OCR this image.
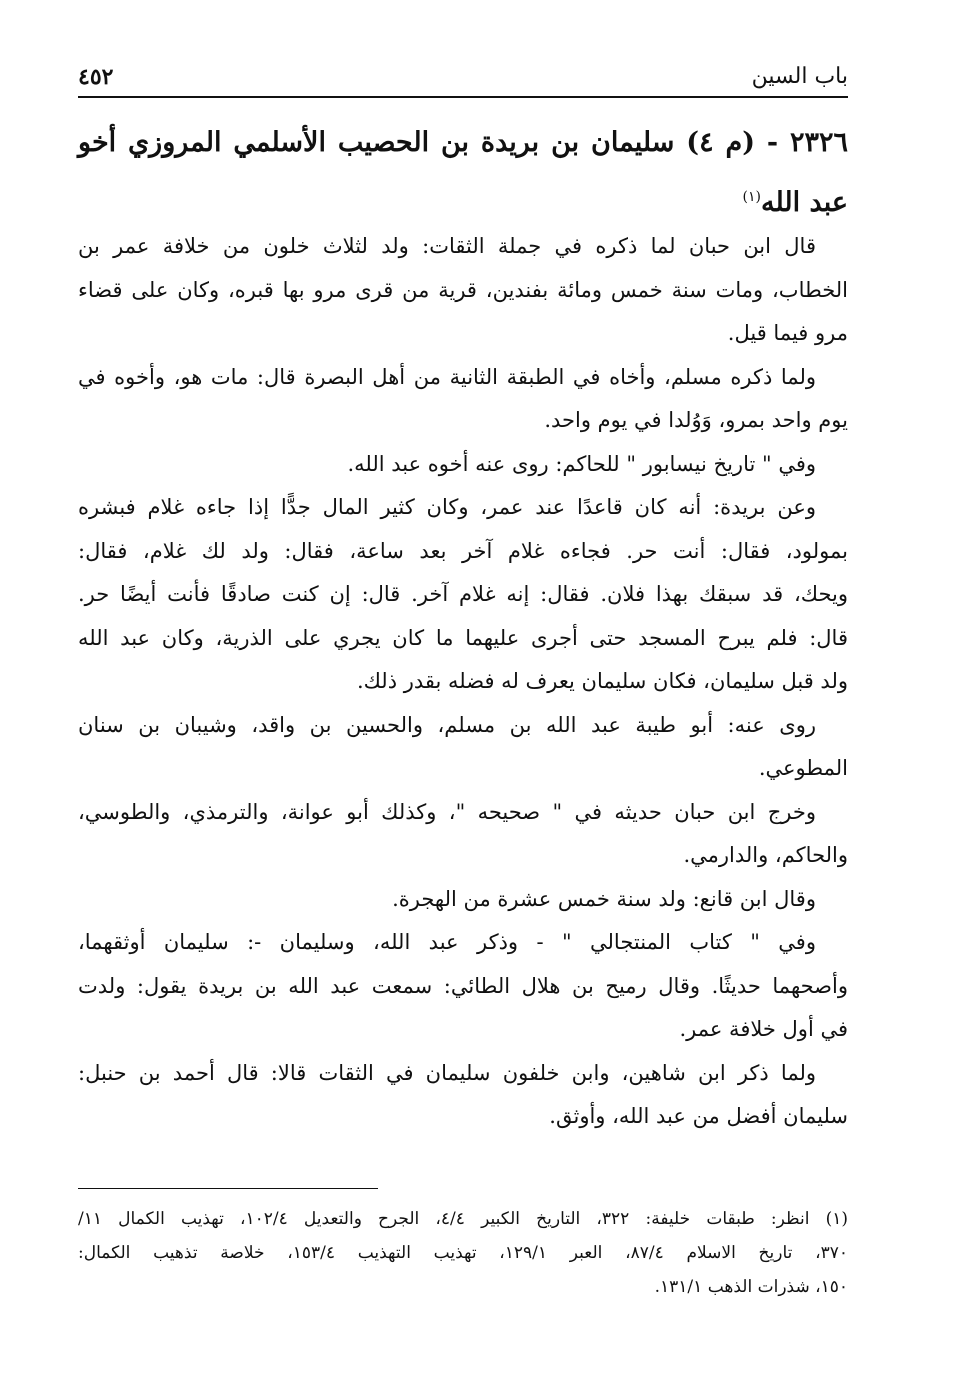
باب السين
٤٥٢
٢٣٢٦ - (م ٤) سليمان بن بريدة بن الحصيب الأسلمي المروزي أخو
عبد الله$^{(١)}$
قال ابن حبان لما ذكره في جملة الثقات: ولد لثلاث خلون من خلافة عمر بن
الخطاب، ومات سنة خمس ومائة بفندين، قرية من قرى مرو بها قبره، وكان على قضاء
مرو فيما قيل.
ولما ذكره مسلم، وأخاه في الطبقة الثانية من أهل البصرة قال: مات هو، وأخوه في
يوم واحد بمرو، وَوُلدا في يوم واحد.
وفي " تاريخ نيسابور " للحاكم: روى عنه أخوه عبد الله.
وعن بريدة: أنه كان قاعدًا عند عمر، وكان كثير المال جدًّا إذا جاءه غلام فبشره
بمولود، فقال: أنت حر. فجاءه غلام آخر بعد ساعة، فقال: ولد لك غلام، فقال:
ويحك، قد سبقك بهذا فلان. فقال: إنه غلام آخر. قال: إن كنت صادقًا فأنت أيضًا حر.
قال: فلم يبرح المسجد حتى أجرى عليهما ما كان يجري على الذرية، وكان عبد الله
ولد قبل سليمان، فكان سليمان يعرف له فضله بقدر ذلك.
روى عنه: أبو طيبة عبد الله بن مسلم، والحسين بن واقد، وشيبان بن سنان
المطوعي.
وخرج ابن حبان حديثه في " صحيحه "، وكذلك أبو عوانة، والترمذي، والطوسي،
والحاكم، والدارمي.
وقال ابن قانع: ولد سنة خمس عشرة من الهجرة.
وفي " كتاب المنتجالي " - وذكر عبد الله، وسليمان -: سليمان أوثقهما،
وأصحهما حديثًا. وقال رميح بن هلال الطائي: سمعت عبد الله بن بريدة يقول: ولدت
في أول خلافة عمر.
ولما ذكر ابن شاهين، وابن خلفون سليمان في الثقات قالا: قال أحمد بن حنبل:
سليمان أفضل من عبد الله، وأوثق.
(١) انظر: طبقات خليفة: ٣٢٢، التاريخ الكبير ٤/٤، الجرح والتعديل ١٠٢/٤، تهذيب الكمال ١١/
٣٧٠، تاريخ الاسلام ٨٧/٤، العبر ١٢٩/١، تهذيب التهذيب ١٥٣/٤، خلاصة تذهيب الكمال:
١٥٠، شذرات الذهب ١٣١/١.
